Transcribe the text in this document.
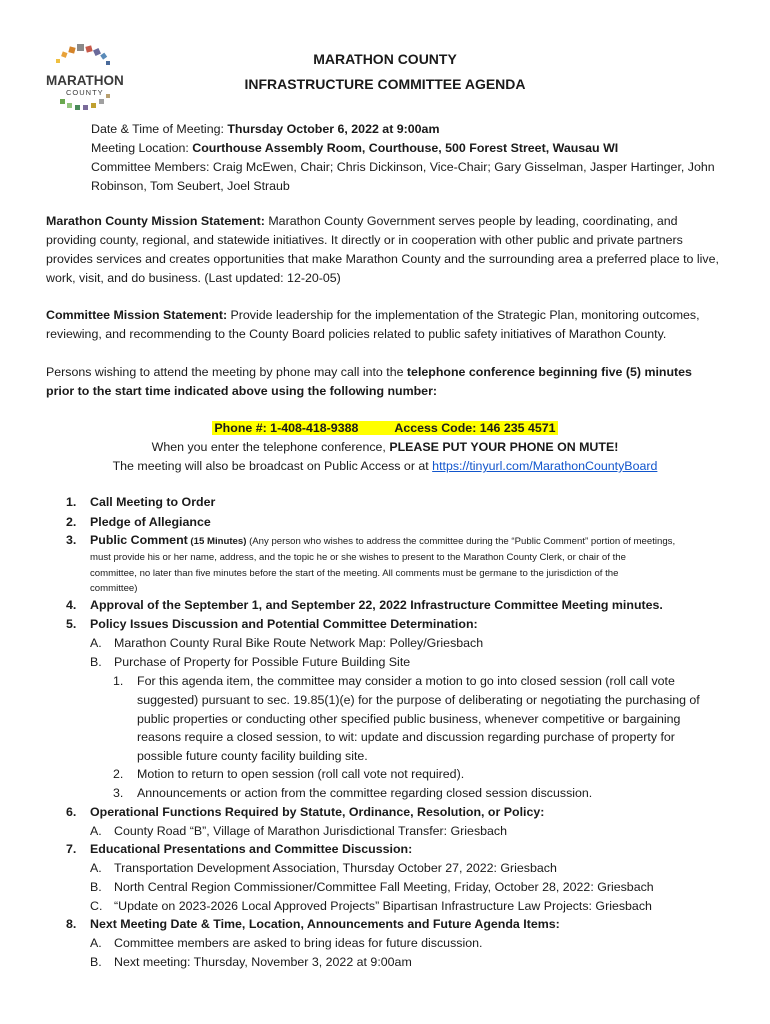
MARATHON
COUNTY
MARATHON COUNTY
INFRASTRUCTURE COMMITTEE AGENDA
Date & Time of Meeting: Thursday October 6, 2022 at 9:00am
Meeting Location: Courthouse Assembly Room, Courthouse, 500 Forest Street, Wausau WI
Committee Members: Craig McEwen, Chair; Chris Dickinson, Vice-Chair; Gary Gisselman, Jasper Hartinger, John
Robinson, Tom Seubert, Joel Straub
Marathon County Mission Statement: Marathon County Government serves people by leading, coordinating, and providing county, regional, and statewide initiatives. It directly or in cooperation with other public and private partners provides services and creates opportunities that make Marathon County and the surrounding area a preferred place to live, work, visit, and do business. (Last updated: 12-20-05)
Committee Mission Statement: Provide leadership for the implementation of the Strategic Plan, monitoring outcomes, reviewing, and recommending to the County Board policies related to public safety initiatives of Marathon County.
Persons wishing to attend the meeting by phone may call into the telephone conference beginning five (5) minutes prior to the start time indicated above using the following number:
Phone #: 1-408-418-9388	Access Code: 146 235 4571
When you enter the telephone conference, PLEASE PUT YOUR PHONE ON MUTE!
The meeting will also be broadcast on Public Access or at https://tinyurl.com/MarathonCountyBoard
1.	Call Meeting to Order
2.	Pledge of Allegiance
3.	Public Comment (15 Minutes) (Any person who wishes to address the committee during the “Public Comment” portion of meetings,
must provide his or her name, address, and the topic he or she wishes to present to the Marathon County Clerk, or chair of the
committee, no later than five minutes before the start of the meeting. All comments must be germane to the jurisdiction of the
committee)
4.	Approval of the September 1, and September 22, 2022 Infrastructure Committee Meeting minutes.
5.	Policy Issues Discussion and Potential Committee Determination:
A. Marathon County Rural Bike Route Network Map: Polley/Griesbach
B. Purchase of Property for Possible Future Building Site
1.	For this agenda item, the committee may consider a motion to go into closed session (roll call vote
suggested) pursuant to sec. 19.85(1)(e) for the purpose of deliberating or negotiating the purchasing of
public properties or conducting other specified public business, whenever competitive or bargaining
reasons require a closed session, to wit: update and discussion regarding purchase of property for
possible future county facility building site.
2.	Motion to return to open session (roll call vote not required).
3.	Announcements or action from the committee regarding closed session discussion.
6.	Operational Functions Required by Statute, Ordinance, Resolution, or Policy:
A. County Road “B”, Village of Marathon Jurisdictional Transfer: Griesbach
7.	Educational Presentations and Committee Discussion:
A. Transportation Development Association, Thursday October 27, 2022: Griesbach
B. North Central Region Commissioner/Committee Fall Meeting, Friday, October 28, 2022: Griesbach
C. “Update on 2023-2026 Local Approved Projects” Bipartisan Infrastructure Law Projects: Griesbach
8.	Next Meeting Date & Time, Location, Announcements and Future Agenda Items:
A. Committee members are asked to bring ideas for future discussion.
B. Next meeting: Thursday, November 3, 2022 at 9:00am
